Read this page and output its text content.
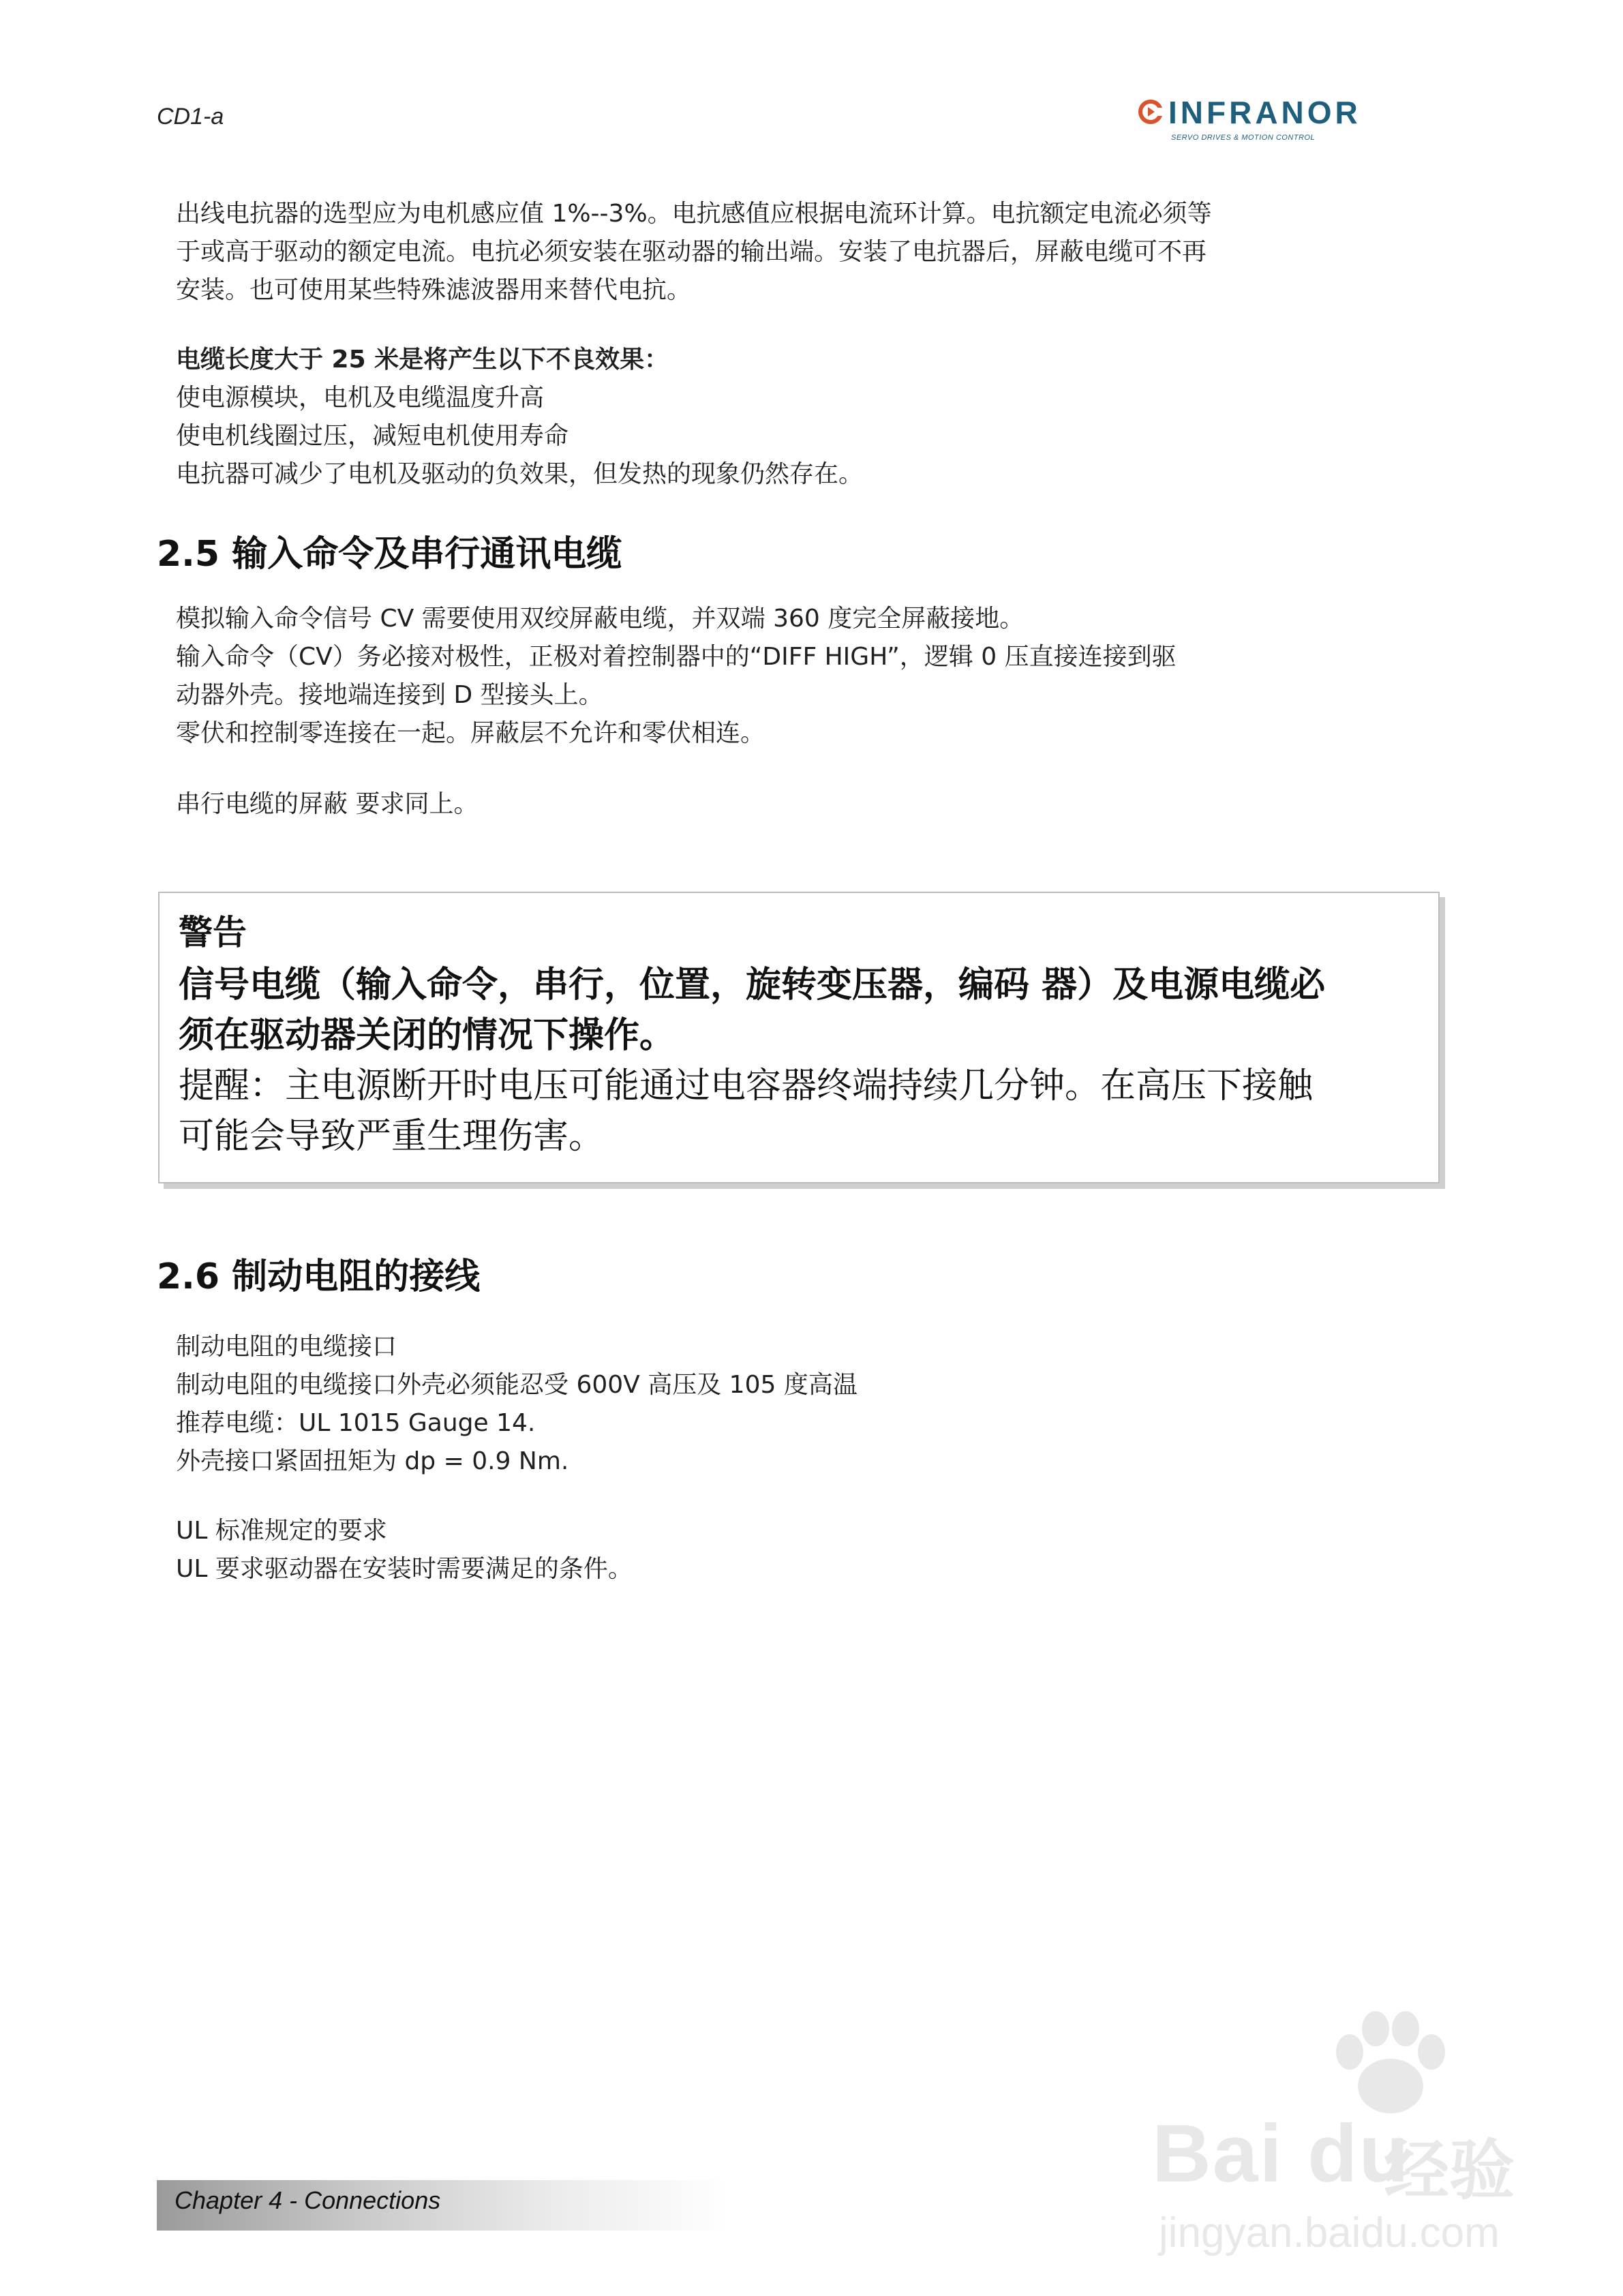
CD1-a	INFRANOR
SERVO DRIVES & MOTION CONTROL
出线电抗器的选型应为电机感应值 1%--3%。电抗感值应根据电流环计算。电抗额定电流必须等
于或高于驱动的额定电流。电抗必须安装在驱动器的输出端。安装了电抗器后，屏蔽电缆可不再
安装。也可使用某些特殊滤波器用来替代电抗。
电缆长度大于 25 米是将产生以下不良效果：
使电源模块，电机及电缆温度升高
使电机线圈过压，减短电机使用寿命
电抗器可减少了电机及驱动的负效果，但发热的现象仍然存在。
2.5 输入命令及串行通讯电缆
模拟输入命令信号 CV 需要使用双绞屏蔽电缆，并双端 360 度完全屏蔽接地。
输入命令（CV）务必接对极性，正极对着控制器中的“DIFF HIGH”，逻辑 0 压直接连接到驱
动器外壳。接地端连接到 D 型接头上。
零伏和控制零连接在一起。屏蔽层不允许和零伏相连。
串行电缆的屏蔽 要求同上。
警告
信号电缆（输入命令，串行，位置，旋转变压器，编码 器）及电源电缆必
须在驱动器关闭的情况下操作。
提醒：主电源断开时电压可能通过电容器终端持续几分钟。在高压下接触
可能会导致严重生理伤害。
2.6 制动电阻的接线
制动电阻的电缆接口
制动电阻的电缆接口外壳必须能忍受 600V 高压及 105 度高温
推荐电缆：UL 1015 Gauge 14.
外壳接口紧固扭矩为 dp = 0.9 Nm.
UL 标准规定的要求
UL 要求驱动器在安装时需要满足的条件。
Chapter 4 - Connections
Bai du
经验
jingyan.baidu.com
